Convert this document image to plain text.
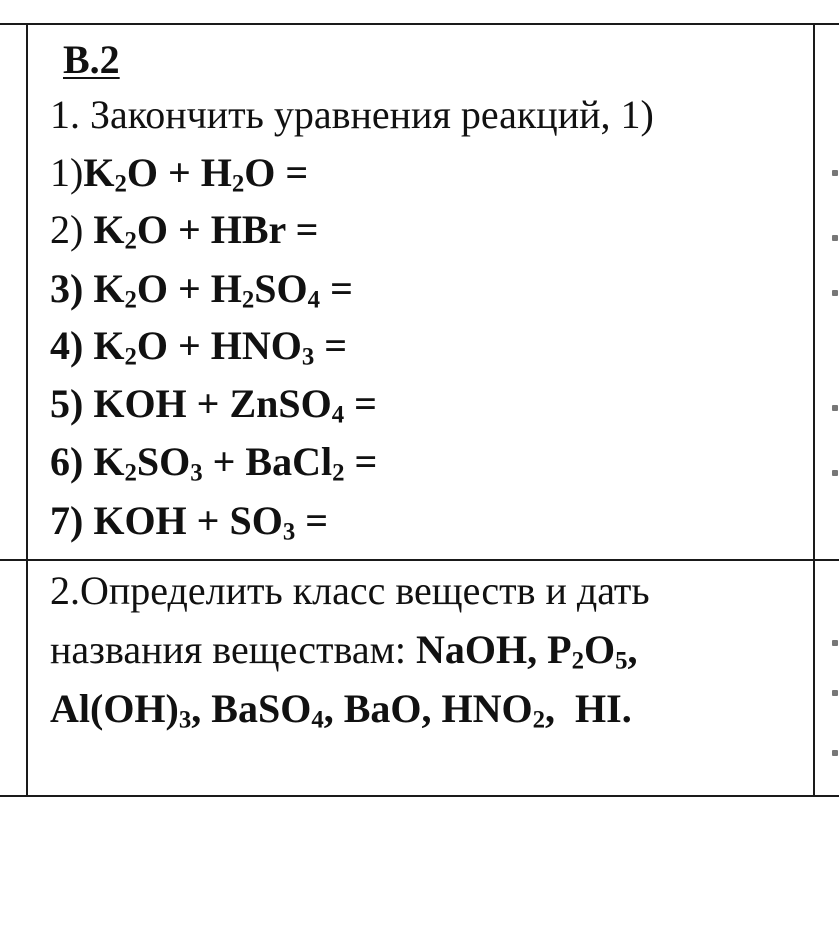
В.2
1. Закончить уравнения реакций, 1)
$1)K_2O + H_2O$ =
2) $K_2O$ + HBr =
3) $K_2O + H_2SO_4$ =
4) $K_2O + HNO_3$ =
5) KOH + ZnSO$_4$ =
6) $K_2SO_3$ + BaCl$_2$ =
7) KOH + $SO_3$ =
2.Определить класс веществ и дать
названия веществам: NaOH, $P_2O_5$,
$Al(OH)_3$, BaSO$_4$, BaO, $HNO_2$,  HI.
